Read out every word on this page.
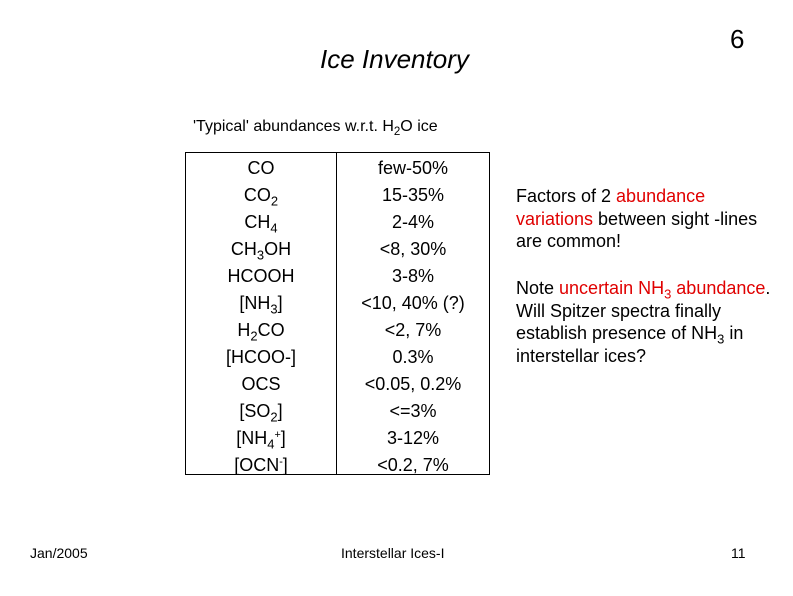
6
Ice Inventory
'Typical' abundances w.r.t. $H_2O$ ice
CO
$CO_2$
$CH_4$
$CH_3OH$
HCOOH
$[NH_3]$
$H_2CO$
[HCOO-]
OCS
$[SO_2]$
$[NH_4^+]$
[OCN-]
few-50%
15-35%
2-4%
<8, 30%
3-8%
<10, 40% (?)
<2, 7%
0.3%
<0.05, 0.2%
<=3%
3-12%
<0.2, 7%
Factors of 2 abundance variations between sight -lines are common!
Note uncertain $NH_3$ abundance. Will Spitzer spectra finally establish presence of $NH_3$ in interstellar ices?
Jan/2005	Interstellar Ices-I	11
